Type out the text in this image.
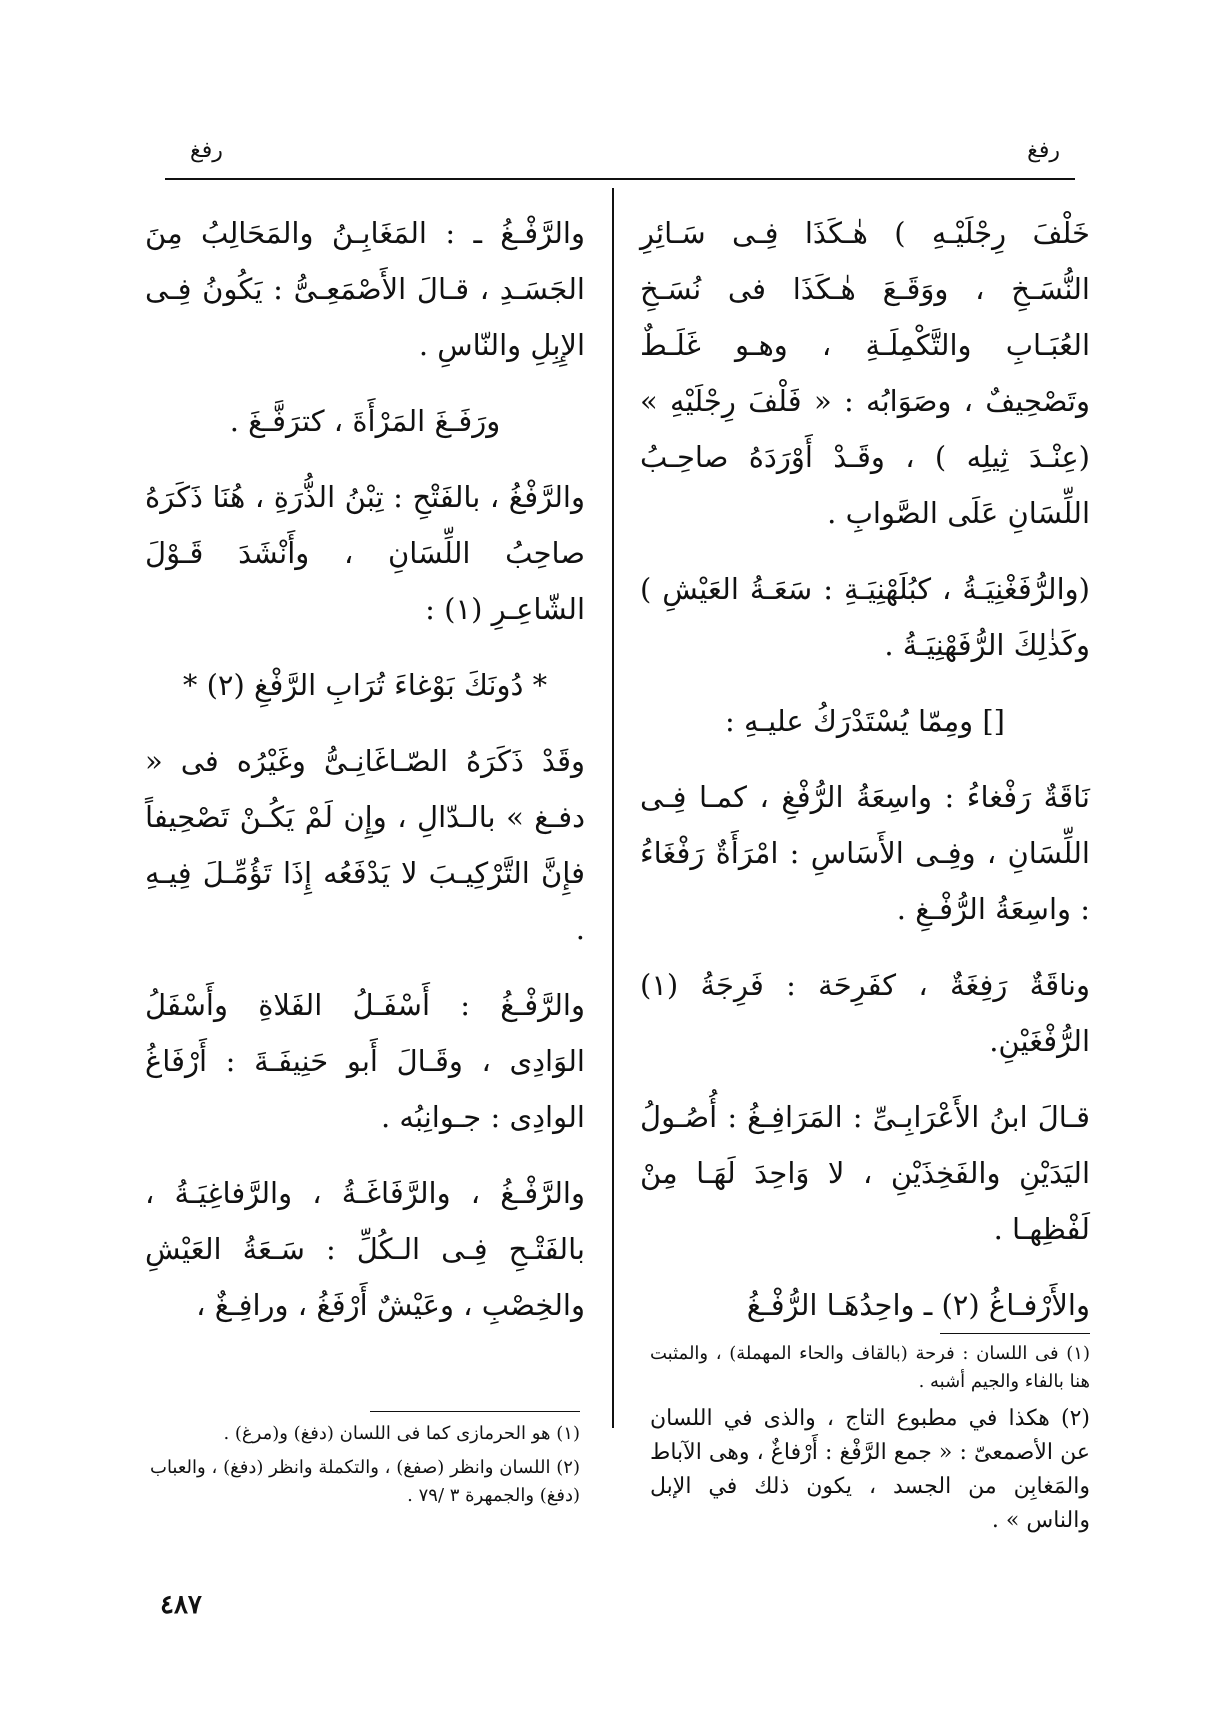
رفغ
رفغ

خَلْفَ رِجْلَيْـهِ ) هٰـكَذَا فِـى سَـائِرِ النُّسَـخِ ، ووَقَـعَ هٰـكَذَا فى نُسَـخِ العُبَـابِ والتَّكْمِلَـةِ ، وهـو غَلَـطٌ وتَصْحِيفٌ ، وصَوَابُه : « فَلْفَ رِجْلَيْهِ » (عِنْـدَ ثِيلِه ) ، وقَـدْ أَوْرَدَهُ صاحِـبُ اللِّسَانِ عَلَى الصَّوابِ .

(والرُّفَغْنِيَـةُ ، كبُلَهْنِيَـةِ : سَعَـةُ العَيْشِ ) وكَذٰلِكَ الرُّفَهْنِيَـةُ .

[] ومِمّا يُسْتَدْرَكُ عليـهِ :

نَاقَةٌ رَفْغاءُ : واسِعَةُ الرُّفْغِ ، كمـا فِـى اللِّسَانِ ، وفِـى الأَسَاسِ : امْرَأَةٌ رَفْغَاءُ : واسِعَةُ الرُّفْـغِ .

وناقَةٌ رَفِغَةٌ ، كفَرِحَة : فَرِجَةُ (١) الرُّفْغَيْنِ.

قـالَ ابنُ الأَعْرَابِـىِّ : المَرَافِـغُ : أُصُـولُ اليَدَيْنِ والفَخِذَيْنِ ، لا وَاحِدَ لَهَـا مِنْ لَفْظِهـا .

والأَرْفـاغُ (٢) ـ واحِدُهَـا الرُّفْـغُ

والرَّفْـغُ ـ : المَغَابِـنُ والمَحَالِبُ مِنَ الجَسَـدِ ، قـالَ الأَصْمَعِـىُّ : يَكُونُ فِـى الإِبِلِ والنّاسِ .

ورَفَـغَ المَرْأَةَ ، كترَفَّـغَ .

والرَّفْغُ ، بالفَتْحِ : تِبْنُ الذُّرَةِ ، هُنَا ذَكَرَهُ صاحِبُ اللِّسَانِ ، وأَنْشَدَ قَـوْلَ الشّاعِـرِ (١) :

* دُونَكَ بَوْغاءَ تُرَابِ الرَّفْغِ (٢) *

وقَدْ ذَكَرَهُ الصّـاغَانِـىُّ وغَيْرُه فى « دفـغ » بالـدّالِ ، وإِن لَمْ يَكُـنْ تَصْحِيفاً فإِنَّ التَّرْكِيـبَ لا يَدْفَعُه إِذَا تَؤُمِّـلَ فِيـهِ .

والرَّفْـغُ : أَسْفَـلُ الفَلاةِ وأَسْفَلُ الوَادِى ، وقَـالَ أَبو حَنِيفَـةَ : أَرْفَاغُ الوادِى : جـوانِبُه .

والرَّفْـغُ ، والرَّفَاغَـةُ ، والرَّفاغِيَـةُ ، بالفَتْـحِ فِـى الـكُلِّ : سَـعَةُ العَيْشِ والخِصْبِ ، وعَيْشٌ أَرْفَغُ ، ورافِـغٌ ،

(١) فى اللسان : فرحة (بالقاف والحاء المهملة) ، والمثبت هنا بالفاء والجيم أشبه .

(٢) هكذا في مطبوع التاج ، والذى في اللسان عن الأصمعىّ : « جمع الرَّفْغ : أَرْفاغٌ ، وهى الآباط والمَغابِن من الجسد ، يكون ذلك في الإبل والناس » .

(١) هو الحرمازى كما فى اللسان (دفغ) و(مرغ) .

(٢) اللسان وانظر (صفغ) ، والتكملة وانظر (دفغ) ، والعباب (دفغ) والجمهرة ٣ /٧٩ .

٤٨٧
